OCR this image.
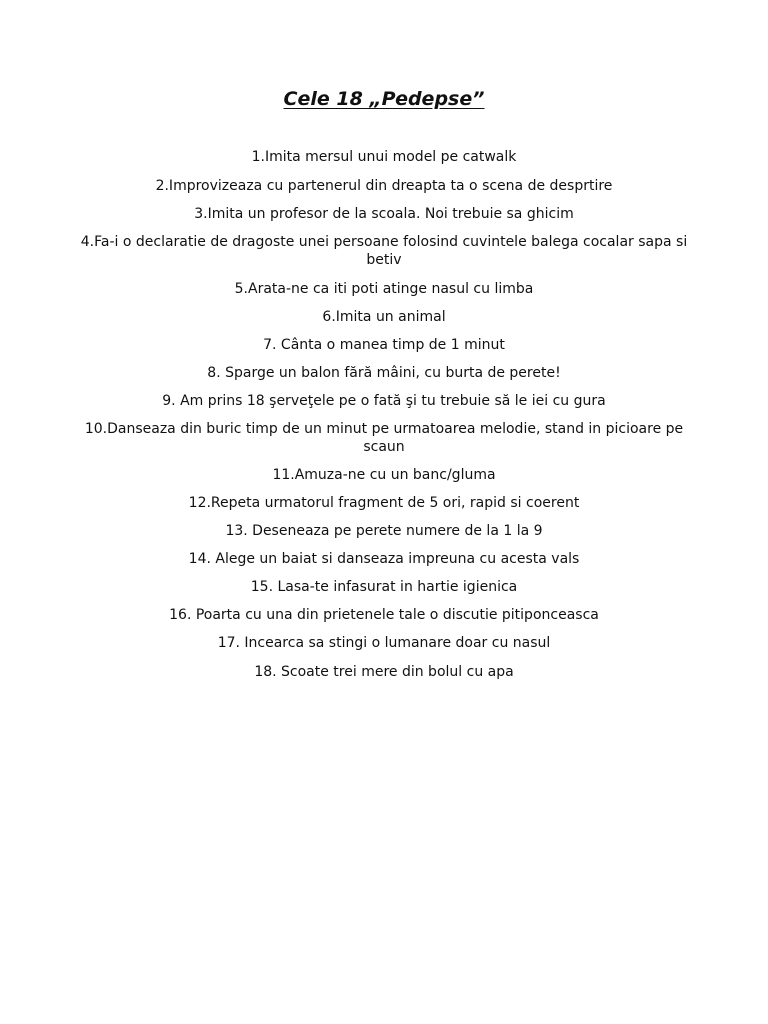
Cele 18 „Pedepse”
1.Imita mersul unui model pe catwalk
2.Improvizeaza cu partenerul din dreapta ta o scena de desprtire
3.Imita un profesor de la scoala. Noi trebuie sa ghicim
4.Fa-i o declaratie de dragoste unei persoane folosind cuvintele balega cocalar sapa si betiv
5.Arata-ne ca iti poti atinge nasul cu limba
6.Imita un animal
7. Cânta o manea timp de 1 minut
8. Sparge un balon fără mâini, cu burta de perete!
9. Am prins 18 şerveţele pe o fată şi tu trebuie să le iei cu gura
10.Danseaza din buric timp de un minut pe urmatoarea melodie, stand in picioare pe scaun
11.Amuza-ne cu un banc/gluma
12.Repeta urmatorul fragment de 5 ori, rapid si coerent
13. Deseneaza pe perete numere de la 1 la 9
14. Alege un baiat si danseaza impreuna cu acesta vals
15. Lasa-te infasurat in hartie igienica
16. Poarta cu una din prietenele tale o discutie pitiponceasca
17. Incearca sa stingi o lumanare doar cu nasul
18. Scoate trei mere din bolul cu apa
